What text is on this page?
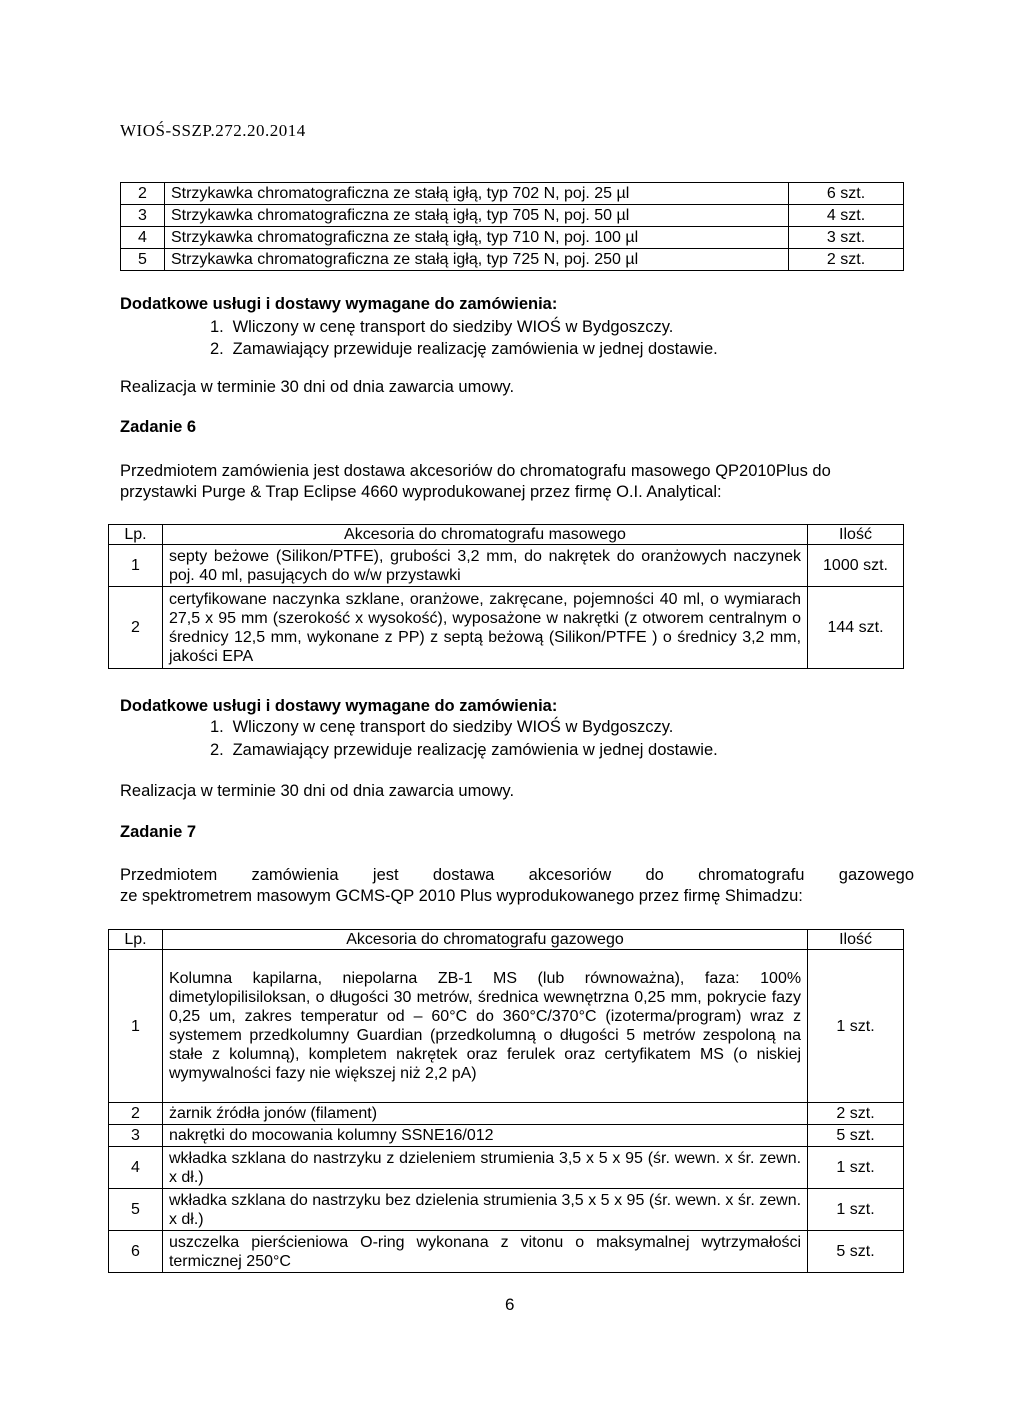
WIOŚ-SSZP.272.20.2014
2	Strzykawka chromatograficzna ze stałą igłą, typ 702 N, poj. 25 µl	6 szt.
3	Strzykawka chromatograficzna ze stałą igłą, typ 705 N, poj. 50 µl	4 szt.
4	Strzykawka chromatograficzna ze stałą igłą, typ 710 N, poj. 100 µl	3 szt.
5	Strzykawka chromatograficzna ze stałą igłą, typ 725 N, poj. 250 µl	2 szt.
Dodatkowe usługi i dostawy wymagane do zamówienia:
1. Wliczony w cenę transport do siedziby WIOŚ w Bydgoszczy.
2. Zamawiający przewiduje realizację zamówienia w jednej dostawie.
Realizacja w terminie 30 dni od dnia zawarcia umowy.
Zadanie 6
Przedmiotem zamówienia jest dostawa akcesoriów do chromatografu masowego QP2010Plus do
przystawki Purge & Trap Eclipse 4660 wyprodukowanej przez firmę O.I. Analytical:
Lp.	Akcesoria do chromatografu masowego	Ilość
1	septy beżowe (Silikon/PTFE), grubości 3,2 mm, do nakrętek do oranżowych naczynek poj. 40 ml, pasujących do w/w przystawki	1000 szt.
2	certyfikowane naczynka szklane, oranżowe, zakręcane, pojemności 40 ml, o wymiarach 27,5 x 95 mm (szerokość x wysokość), wyposażone w nakrętki (z otworem centralnym o średnicy 12,5 mm, wykonane z PP) z septą beżową (Silikon/PTFE ) o średnicy 3,2 mm, jakości EPA	144 szt.
Dodatkowe usługi i dostawy wymagane do zamówienia:
1. Wliczony w cenę transport do siedziby WIOŚ w Bydgoszczy.
2. Zamawiający przewiduje realizację zamówienia w jednej dostawie.
Realizacja w terminie 30 dni od dnia zawarcia umowy.
Zadanie 7
Przedmiotem zamówienia jest dostawa akcesoriów do chromatografu gazowego
ze spektrometrem masowym GCMS-QP 2010 Plus wyprodukowanego przez firmę Shimadzu:
Lp.	Akcesoria do chromatografu gazowego	Ilość
1	Kolumna kapilarna, niepolarna ZB-1 MS (lub równoważna), faza: 100% dimetylopilisiloksan, o długości 30 metrów, średnica wewnętrzna 0,25 mm, pokrycie fazy 0,25 um, zakres temperatur od – 60°C do 360°C/370°C (izoterma/program) wraz z systemem przedkolumny Guardian (przedkolumną o długości 5 metrów zespoloną na stałe z kolumną), kompletem nakrętek oraz ferulek oraz certyfikatem MS (o niskiej wymywalności fazy nie większej niż 2,2 pA)	1 szt.
2	żarnik źródła jonów (filament)	2 szt.
3	nakrętki do mocowania kolumny SSNE16/012	5 szt.
4	wkładka szklana do nastrzyku z dzieleniem strumienia 3,5 x 5 x 95 (śr. wewn. x śr. zewn. x dł.)	1 szt.
5	wkładka szklana do nastrzyku bez dzielenia strumienia 3,5 x 5 x 95 (śr. wewn. x śr. zewn. x dł.)	1 szt.
6	uszczelka pierścieniowa O-ring wykonana z vitonu o maksymalnej wytrzymałości termicznej 250°C	5 szt.
6
